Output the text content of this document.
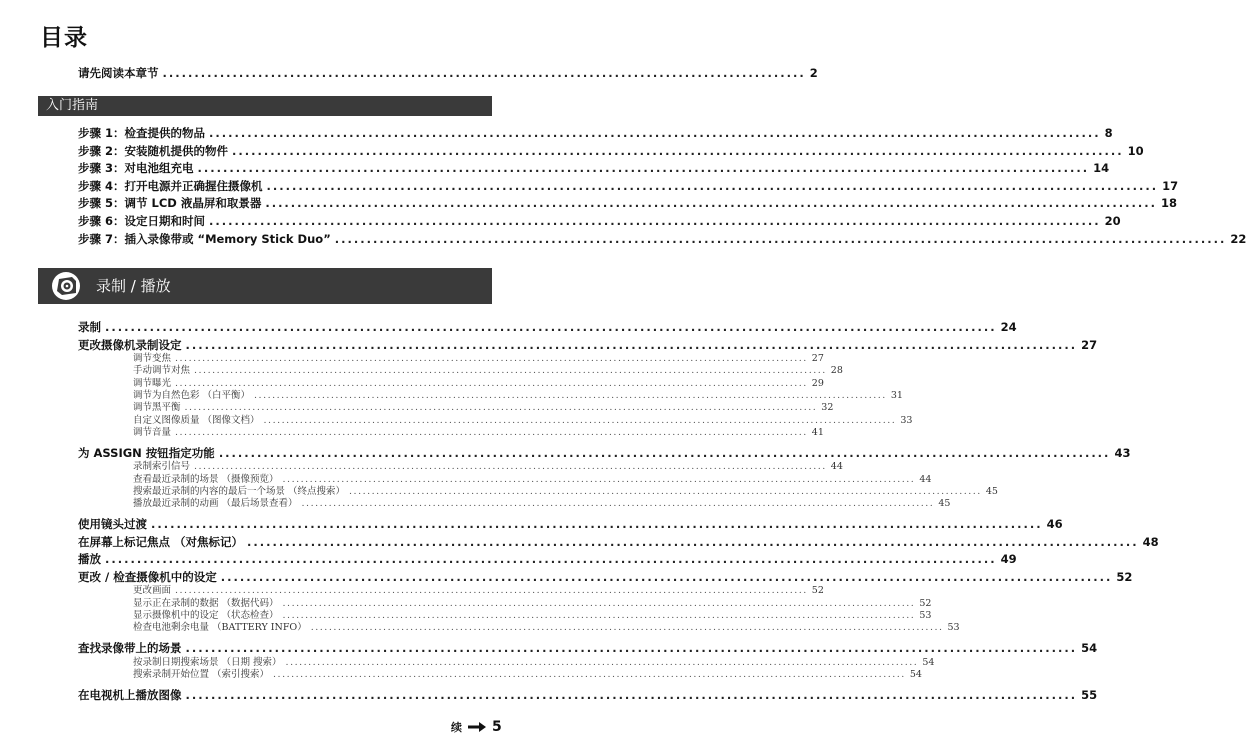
目录
请先阅读本章节 ..................................................................................................... 2
入门指南
步骤 1：检查提供的物品 ............................................................................................................................................ 8
步骤 2：安装随机提供的物件 ............................................................................................................................................ 10
步骤 3：对电池组充电 ............................................................................................................................................ 14
步骤 4：打开电源并正确握住摄像机 ............................................................................................................................................ 17
步骤 5：调节 LCD 液晶屏和取景器 ............................................................................................................................................ 18
步骤 6：设定日期和时间 ............................................................................................................................................ 20
步骤 7：插入录像带或 “Memory Stick Duo” ............................................................................................................................................ 22
录制 / 播放
录制 ............................................................................................................................................ 24
更改摄像机录制设定 ............................................................................................................................................ 27
调节变焦 ............................................................................................................................................ 27
手动调节对焦 ............................................................................................................................................ 28
调节曝光 ............................................................................................................................................ 29
调节为自然色彩 （白平衡） ............................................................................................................................................ 31
调节黑平衡 ............................................................................................................................................ 32
自定义图像质量 （图像文档） ............................................................................................................................................ 33
调节音量 ............................................................................................................................................ 41
为 ASSIGN 按钮指定功能 ............................................................................................................................................ 43
录制索引信号 ............................................................................................................................................ 44
查看最近录制的场景 （摄像预览） ............................................................................................................................................ 44
搜索最近录制的内容的最后一个场景 （终点搜索） ............................................................................................................................................ 45
播放最近录制的动画 （最后场景查看） ............................................................................................................................................ 45
使用镜头过渡 ............................................................................................................................................ 46
在屏幕上标记焦点 （对焦标记） ............................................................................................................................................ 48
播放 ............................................................................................................................................ 49
更改 / 检查摄像机中的设定 ............................................................................................................................................ 52
更改画面 ............................................................................................................................................ 52
显示正在录制的数据 （数据代码） ............................................................................................................................................ 52
显示摄像机中的设定 （状态检查） ............................................................................................................................................ 53
检查电池剩余电量 （BATTERY INFO） ............................................................................................................................................ 53
查找录像带上的场景 ............................................................................................................................................ 54
按录制日期搜索场景 （日期 搜索） ............................................................................................................................................ 54
搜索录制开始位置 （索引搜索） ............................................................................................................................................ 54
在电视机上播放图像 ............................................................................................................................................ 55
续 5
